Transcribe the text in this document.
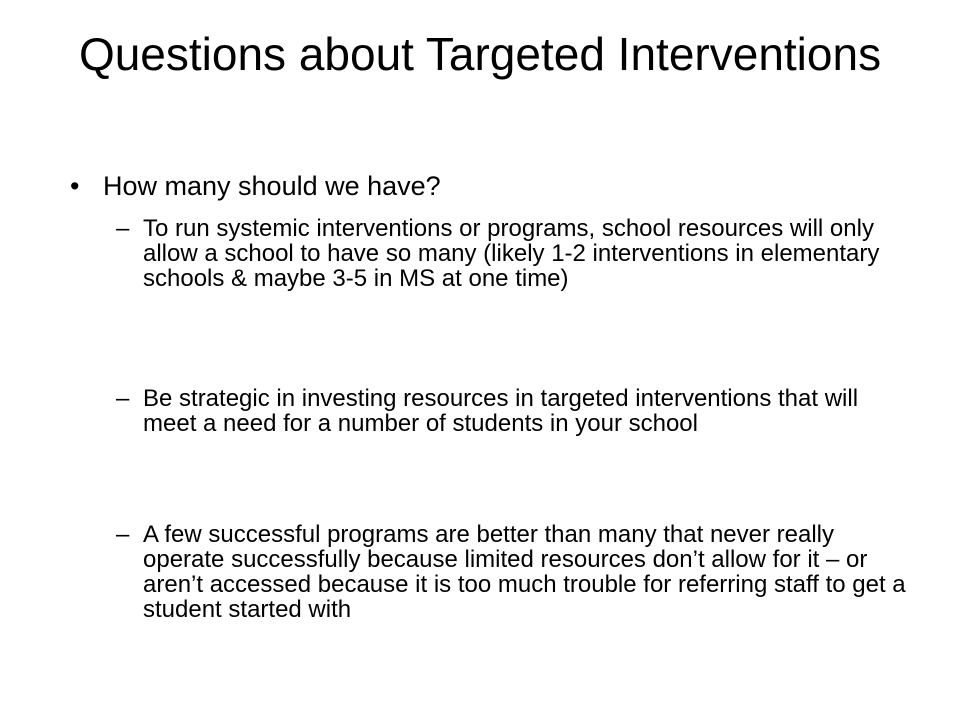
Questions about Targeted Interventions
• How many should we have?
– To run systemic interventions or programs, school resources will only allow a school to have so many (likely 1-2 interventions in elementary schools & maybe 3-5 in MS at one time)
– Be strategic in investing resources in targeted interventions that will meet a need for a number of students in your school
– A few successful programs are better than many that never really operate successfully because limited resources don’t allow for it – or aren’t accessed because it is too much trouble for referring staff to get a student started with
